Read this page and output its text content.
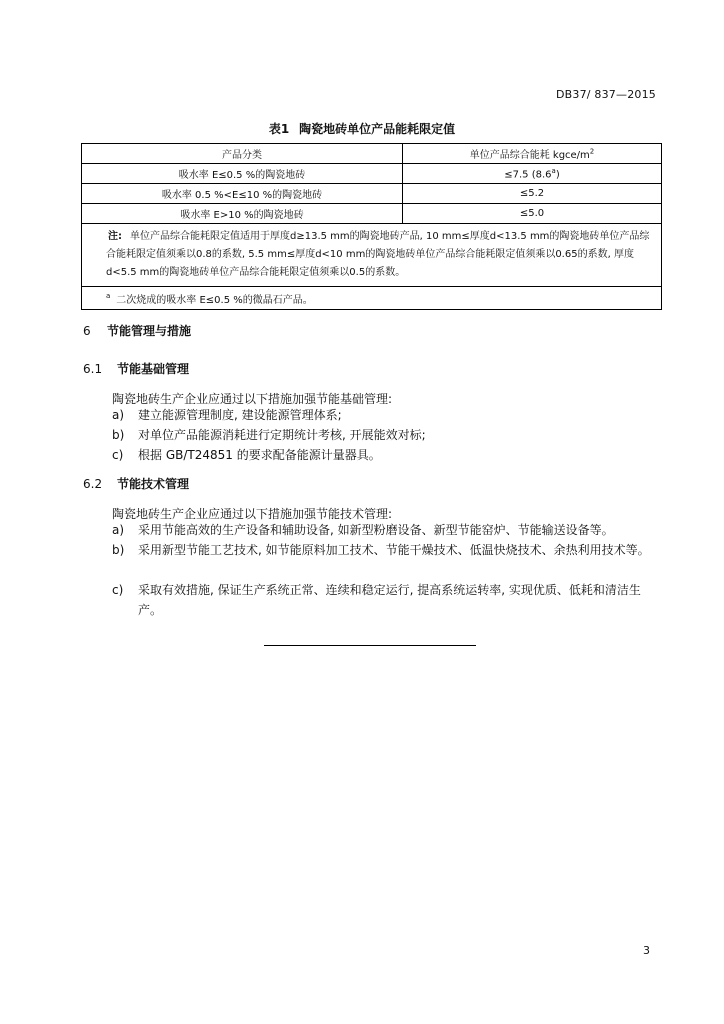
DB37/ 837—2015
表1 陶瓷地砖单位产品能耗限定值
产品分类	单位产品综合能耗 kgce/$m^2$
吸水率 E≤0.5 %的陶瓷地砖	≤7.5 (8.6$^a$)
吸水率 0.5 %<E≤10 %的陶瓷地砖	≤5.2
吸水率 E>10 %的陶瓷地砖	≤5.0

注: 单位产品综合能耗限定值适用于厚度d≥13.5 mm的陶瓷地砖产品, 10 mm≤厚度d<13.5 mm的陶瓷地砖单位产品综合能耗限定值须乘以0.8的系数, 5.5 mm≤厚度d<10 mm的陶瓷地砖单位产品综合能耗限定值须乘以0.65的系数, 厚度d<5.5 mm的陶瓷地砖单位产品综合能耗限定值须乘以0.5的系数。	

$^a$ 二次烧成的吸水率 E≤0.5 %的微晶石产品。	
6 节能管理与措施
6.1 节能基础管理
陶瓷地砖生产企业应通过以下措施加强节能基础管理:
a) 建立能源管理制度, 建设能源管理体系;
b) 对单位产品能源消耗进行定期统计考核, 开展能效对标;
c) 根据 GB/T24851 的要求配备能源计量器具。
6.2 节能技术管理
陶瓷地砖生产企业应通过以下措施加强节能技术管理:
a) 采用节能高效的生产设备和辅助设备, 如新型粉磨设备、新型节能窑炉、节能输送设备等。
b) 采用新型节能工艺技术, 如节能原料加工技术、节能干燥技术、低温快烧技术、余热利用技术等。
c) 采取有效措施, 保证生产系统正常、连续和稳定运行, 提高系统运转率, 实现优质、低耗和清洁生产。
3
